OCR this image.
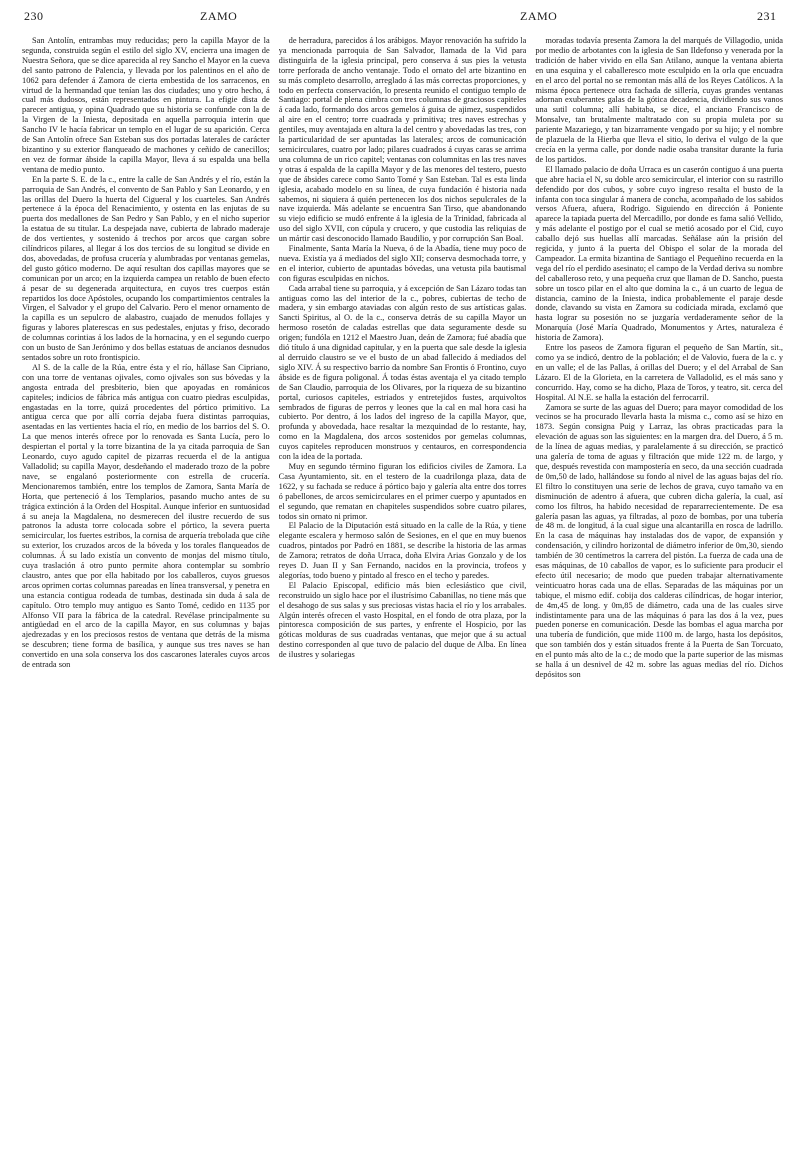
230	ZAMO	ZAMO	231

San Antolín, entrambas muy reducidas; pero la capilla Mayor de la segunda, construida según el estilo del siglo XV, encierra una imagen de Nuestra Señora, que se dice aparecida al rey Sancho el Mayor en la cueva del santo patrono de Palencia, y llevada por los palentinos en el año de 1062 para defender á Zamora de cierta embestida de los sarracenos, en virtud de la hermandad que tenían las dos ciudades; uno y otro hecho, á cual más dudosos, están representados en pintura. La efigie dista de parecer antigua, y opina Quadrado que su historia se confunde con la de la Virgen de la Iniesta, depositada en aquella parroquia interin que Sancho IV le hacía fabricar un templo en el lugar de su aparición. Cerca de San Antolín ofrece San Esteban sus dos portadas laterales de carácter bizantino y su exterior flanqueado de machones y ceñido de canecillos; en vez de formar ábside la capilla Mayor, lleva á su espalda una bella ventana de medio punto.

En la parte S. E. de la c., entre la calle de San Andrés y el río, están la parroquia de San Andrés, el convento de San Pablo y San Leonardo, y en las orillas del Duero la huerta del Cigueral y los cuarteles. San Andrés pertenece á la época del Renacimiento, y ostenta en las enjutas de su puerta dos medallones de San Pedro y San Pablo, y en el nicho superior la estatua de su titular. La despejada nave, cubierta de labrado maderaje de dos vertientes, y sostenido á trechos por arcos que cargan sobre cilíndricos pilares, al llegar á los dos tercios de su longitud se divide en dos, abovedadas, de profusa crucería y alumbradas por ventanas gemelas, del gusto gótico moderno. De aquí resultan dos capillas mayores que se comunican por un arco; en la izquierda campea un retablo de buen efecto á pesar de su degenerada arquitectura, en cuyos tres cuerpos están repartidos los doce Apóstoles, ocupando los compartimientos centrales la Virgen, el Salvador y el grupo del Calvario. Pero el menor ornamento de la capilla es un sepulcro de alabastro, cuajado de menudos follajes y figuras y labores platerescas en sus pedestales, enjutas y friso, decorado de columnas corintias á los lados de la hornacina, y en el segundo cuerpo con un busto de San Jerónimo y dos bellas estatuas de ancianos desnudos sentados sobre un roto frontispicio.

Al S. de la calle de la Rúa, entre ésta y el río, hállase San Cipriano, con una torre de ventanas ojivales, como ojivales son sus bóvedas y la angosta entrada del presbiterio, bien que apoyadas en románicos capiteles; indicios de fábrica más antigua con cuatro piedras esculpidas, engastadas en la torre, quizá procedentes del pórtico primitivo. La antigua cerca que por allí corría dejaba fuera distintas parroquias, asentadas en las vertientes hacia el río, en medio de los barrios del S. O. La que menos interés ofrece por lo renovada es Santa Lucía, pero lo despiertan el portal y la torre bizantina de la ya citada parroquia de San Leonardo, cuyo agudo capitel de pizarras recuerda el de la antigua Valladolid; su capilla Mayor, desdeñando el maderado trozo de la pobre nave, se engalanó posteriormente con estrella de crucería. Mencionaremos también, entre los templos de Zamora, Santa María de Horta, que perteneció á los Templarios, pasando mucho antes de su trágica extinción á la Orden del Hospital. Aunque inferior en suntuosidad á su aneja la Magdalena, no desmerecen del ilustre recuerdo de sus patronos la adusta torre colocada sobre el pórtico, la severa puerta semicircular, los fuertes estribos, la cornisa de arquería trebolada que ciñe su exterior, los cruzados arcos de la bóveda y los torales flanqueados de columnas. Á su lado existía un convento de monjas del mismo título, cuya traslación á otro punto permite ahora contemplar su sombrío claustro, antes que por ella habitado por los caballeros, cuyos gruesos arcos oprimen cortas columnas pareadas en línea transversal, y penetra en una estancia contigua rodeada de tumbas, destinada sin duda á sala de capítulo. Otro templo muy antiguo es Santo Tomé, cedido en 1135 por Alfonso VII para la fábrica de la catedral. Revélase principalmente su antigüedad en el arco de la capilla Mayor, en sus columnas y bajas ajedrezadas y en los preciosos restos de ventana que detrás de la misma se descubren; tiene forma de basílica, y aunque sus tres naves se han convertido en una sola conserva los dos cascarones laterales cuyos arcos de entrada son

de herradura, parecidos á los arábigos. Mayor renovación ha sufrido la ya mencionada parroquia de San Salvador, llamada de la Vid para distinguirla de la iglesia principal, pero conserva á sus pies la vetusta torre perforada de ancho ventanaje. Todo el ornato del arte bizantino en su más completo desarrollo, arreglado á las más correctas proporciones, y todo en perfecta conservación, lo presenta reunido el contiguo templo de Santiago: portal de plena cimbra con tres columnas de graciosos capiteles á cada lado, formando dos arcos gemelos á guisa de ajimez, suspendidos al aire en el centro; torre cuadrada y primitiva; tres naves estrechas y gentiles, muy aventajada en altura la del centro y abovedadas las tres, con la particularidad de ser apuntadas las laterales; arcos de comunicación semicirculares, cuatro por lado; pilares cuadrados á cuyas caras se arrima una columna de un rico capitel; ventanas con columnitas en las tres naves y otras á espalda de la capilla Mayor y de las menores del testero, puesto que de ábsides carece como Santo Tomé y San Esteban. Tal es esta linda iglesia, acabado modelo en su línea, de cuya fundación é historia nada sabemos, ni siquiera á quién pertenecen los dos nichos sepulcrales de la nave izquierda. Más adelante se encuentra San Tirso, que abandonando su viejo edificio se mudó enfrente á la iglesia de la Trinidad, fabricada al uso del siglo XVII, con cúpula y crucero, y que custodia las reliquias de un mártir casi desconocido llamado Baudilio, y por corrupción San Boal.

Finalmente, Santa María la Nueva, ó de la Abadía, tiene muy poco de nueva. Existía ya á mediados del siglo XII; conserva desmochada torre, y en el interior, cubierto de apuntadas bóvedas, una vetusta pila bautismal con figuras esculpidas en nichos.

Cada arrabal tiene su parroquia, y á excepción de San Lázaro todas tan antiguas como las del interior de la c., pobres, cubiertas de techo de madera, y sin embargo ataviadas con algún resto de sus artísticas galas. Sancti Spiritus, al O. de la c., conserva detrás de su capilla Mayor un hermoso rosetón de caladas estrellas que data seguramente desde su origen; fundóla en 1212 el Maestro Juan, deán de Zamora; fué abadía que dió título á una dignidad capitular, y en la puerta que sale desde la iglesia al derruido claustro se ve el busto de un abad fallecido á mediados del siglo XIV. Á su respectivo barrio da nombre San Frontis ó Frontino, cuyo ábside es de figura poligonal. Á todas éstas aventaja el ya citado templo de San Claudio, parroquia de los Olivares, por la riqueza de su bizantino portal, curiosos capiteles, estriados y entretejidos fustes, arquivoltos sembrados de figuras de perros y leones que la cal en mal hora casi ha cubierto. Por dentro, á los lados del ingreso de la capilla Mayor, que, profunda y abovedada, hace resaltar la mezquindad de lo restante, hay, como en la Magdalena, dos arcos sostenidos por gemelas columnas, cuyos capiteles reproducen monstruos y centauros, en correspondencia con la idea de la portada.

Muy en segundo término figuran los edificios civiles de Zamora. La Casa Ayuntamiento, sit. en el testero de la cuadrilonga plaza, data de 1622, y su fachada se reduce á pórtico bajo y galería alta entre dos torres ó pabellones, de arcos semicirculares en el primer cuerpo y apuntados en el segundo, que rematan en chapiteles suspendidos sobre cuatro pilares, todos sin ornato ni primor.

El Palacio de la Diputación está situado en la calle de la Rúa, y tiene elegante escalera y hermoso salón de Sesiones, en el que en muy buenos cuadros, pintados por Padró en 1881, se describe la historia de las armas de Zamora; retratos de doña Urraca, doña Elvira Arias Gonzalo y de los reyes D. Juan II y San Fernando, nacidos en la provincia, trofeos y alegorías, todo bueno y pintado al fresco en el techo y paredes.

El Palacio Episcopal, edificio más bien eclesiástico que civil, reconstruido un siglo hace por el ilustrísimo Cabanillas, no tiene más que el desahogo de sus salas y sus preciosas vistas hacia el río y los arrabales. Algún interés ofrecen el vasto Hospital, en el fondo de otra plaza, por la pintoresca composición de sus partes, y enfrente el Hospicio, por las góticas molduras de sus cuadradas ventanas, que mejor que á su actual destino corresponden al que tuvo de palacio del duque de Alba. En línea de ilustres y solariegas

moradas todavía presenta Zamora la del marqués de Villagodio, unida por medio de arbotantes con la iglesia de San Ildefonso y venerada por la tradición de haber vivido en ella San Atilano, aunque la ventana abierta en una esquina y el caballeresco mote esculpido en la orla que encuadra en el arco del portal no se remontan más allá de los Reyes Católicos. A la misma época pertenece otra fachada de sillería, cuyas grandes ventanas adornan exuberantes galas de la gótica decadencia, dividiendo sus vanos una sutil columna; allí habitaba, se dice, el anciano Francisco de Monsalve, tan brutalmente maltratado con su propia muleta por su pariente Mazariego, y tan bizarramente vengado por su hijo; y el nombre de plazuela de la Hierba que lleva el sitio, lo deriva el vulgo de la que crecía en la yerma calle, por donde nadie osaba transitar durante la furia de los partidos.

El llamado palacio de doña Urraca es un caserón contiguo á una puerta que abre hacia el N, su doble arco semicircular, el interior con su rastrillo defendido por dos cubos, y sobre cuyo ingreso resalta el busto de la infanta con toca singular á manera de concha, acompañado de los sabidos versos Afuera, afuera, Rodrigo. Siguiendo en dirección á Poniente aparece la tapiada puerta del Mercadillo, por donde es fama salió Vellido, y más adelante el postigo por el cual se metió acosado por el Cid, cuyo caballo dejó sus huellas allí marcadas. Señálase aún la prisión del regicida, y junto á la puerta del Obispo el solar de la morada del Campeador. La ermita bizantina de Santiago el Pequeñino recuerda en la vega del río el perdido asesinato; el campo de la Verdad deriva su nombre del caballeroso reto, y una pequeña cruz que llaman de D. Sancho, puesta sobre un tosco pilar en el alto que domina la c., á un cuarto de legua de distancia, camino de la Iniesta, indica probablemente el paraje desde donde, clavando su vista en Zamora su codiciada mirada, exclamó que hasta lograr su posesión no se juzgaría verdaderamente señor de la Monarquía (José María Quadrado, Monumentos y Artes, naturaleza é historia de Zamora).

Entre los paseos de Zamora figuran el pequeño de San Martín, sit., como ya se indicó, dentro de la población; el de Valovio, fuera de la c. y en un valle; el de las Pallas, á orillas del Duero; y el del Arrabal de San Lázaro. El de la Glorieta, en la carretera de Valladolid, es el más sano y concurrido. Hay, como se ha dicho, Plaza de Toros, y teatro, sit. cerca del Hospital. Al N.E. se halla la estación del ferrocarril.

Zamora se surte de las aguas del Duero; para mayor comodidad de los vecinos se ha procurado llevarla hasta la misma c., como así se hizo en 1873. Según consigna Puig y Larraz, las obras practicadas para la elevación de aguas son las siguientes: en la margen dra. del Duero, á 5 m. de la línea de aguas medias, y paralelamente á su dirección, se practicó una galería de toma de aguas y filtración que mide 122 m. de largo, y que, después revestida con mampostería en seco, da una sección cuadrada de 0m,50 de lado, hallándose su fondo al nivel de las aguas bajas del río. El filtro lo constituyen una serie de lechos de grava, cuyo tamaño va en disminución de adentro á afuera, que cubren dicha galería, la cual, así como los filtros, ha habido necesidad de repararrecientemente. De esa galería pasan las aguas, ya filtradas, al pozo de bombas, por una tubería de 48 m. de longitud, á la cual sigue una alcantarilla en rosca de ladrillo. En la casa de máquinas hay instaladas dos de vapor, de expansión y condensación, y cilindro horizontal de diámetro inferior de 0m,30, siendo también de 30 centímetros la carrera del pistón. La fuerza de cada una de esas máquinas, de 10 caballos de vapor, es lo suficiente para producir el efecto útil necesario; de modo que pueden trabajar alternativamente veinticuatro horas cada una de ellas. Separadas de las máquinas por un tabique, el mismo edif. cobija dos calderas cilíndricas, de hogar interior, de 4m,45 de long. y 0m,85 de diámetro, cada una de las cuales sirve indistintamente para una de las máquinas ó para las dos á la vez, pues pueden ponerse en comunicación. Desde las bombas el agua marcha por una tubería de fundición, que mide 1100 m. de largo, hasta los depósitos, que son también dos y están situados frente á la Puerta de San Torcuato, en el punto más alto de la c.; de modo que la parte superior de las mismas se halla á un desnivel de 42 m. sobre las aguas medias del río. Dichos depósitos son
